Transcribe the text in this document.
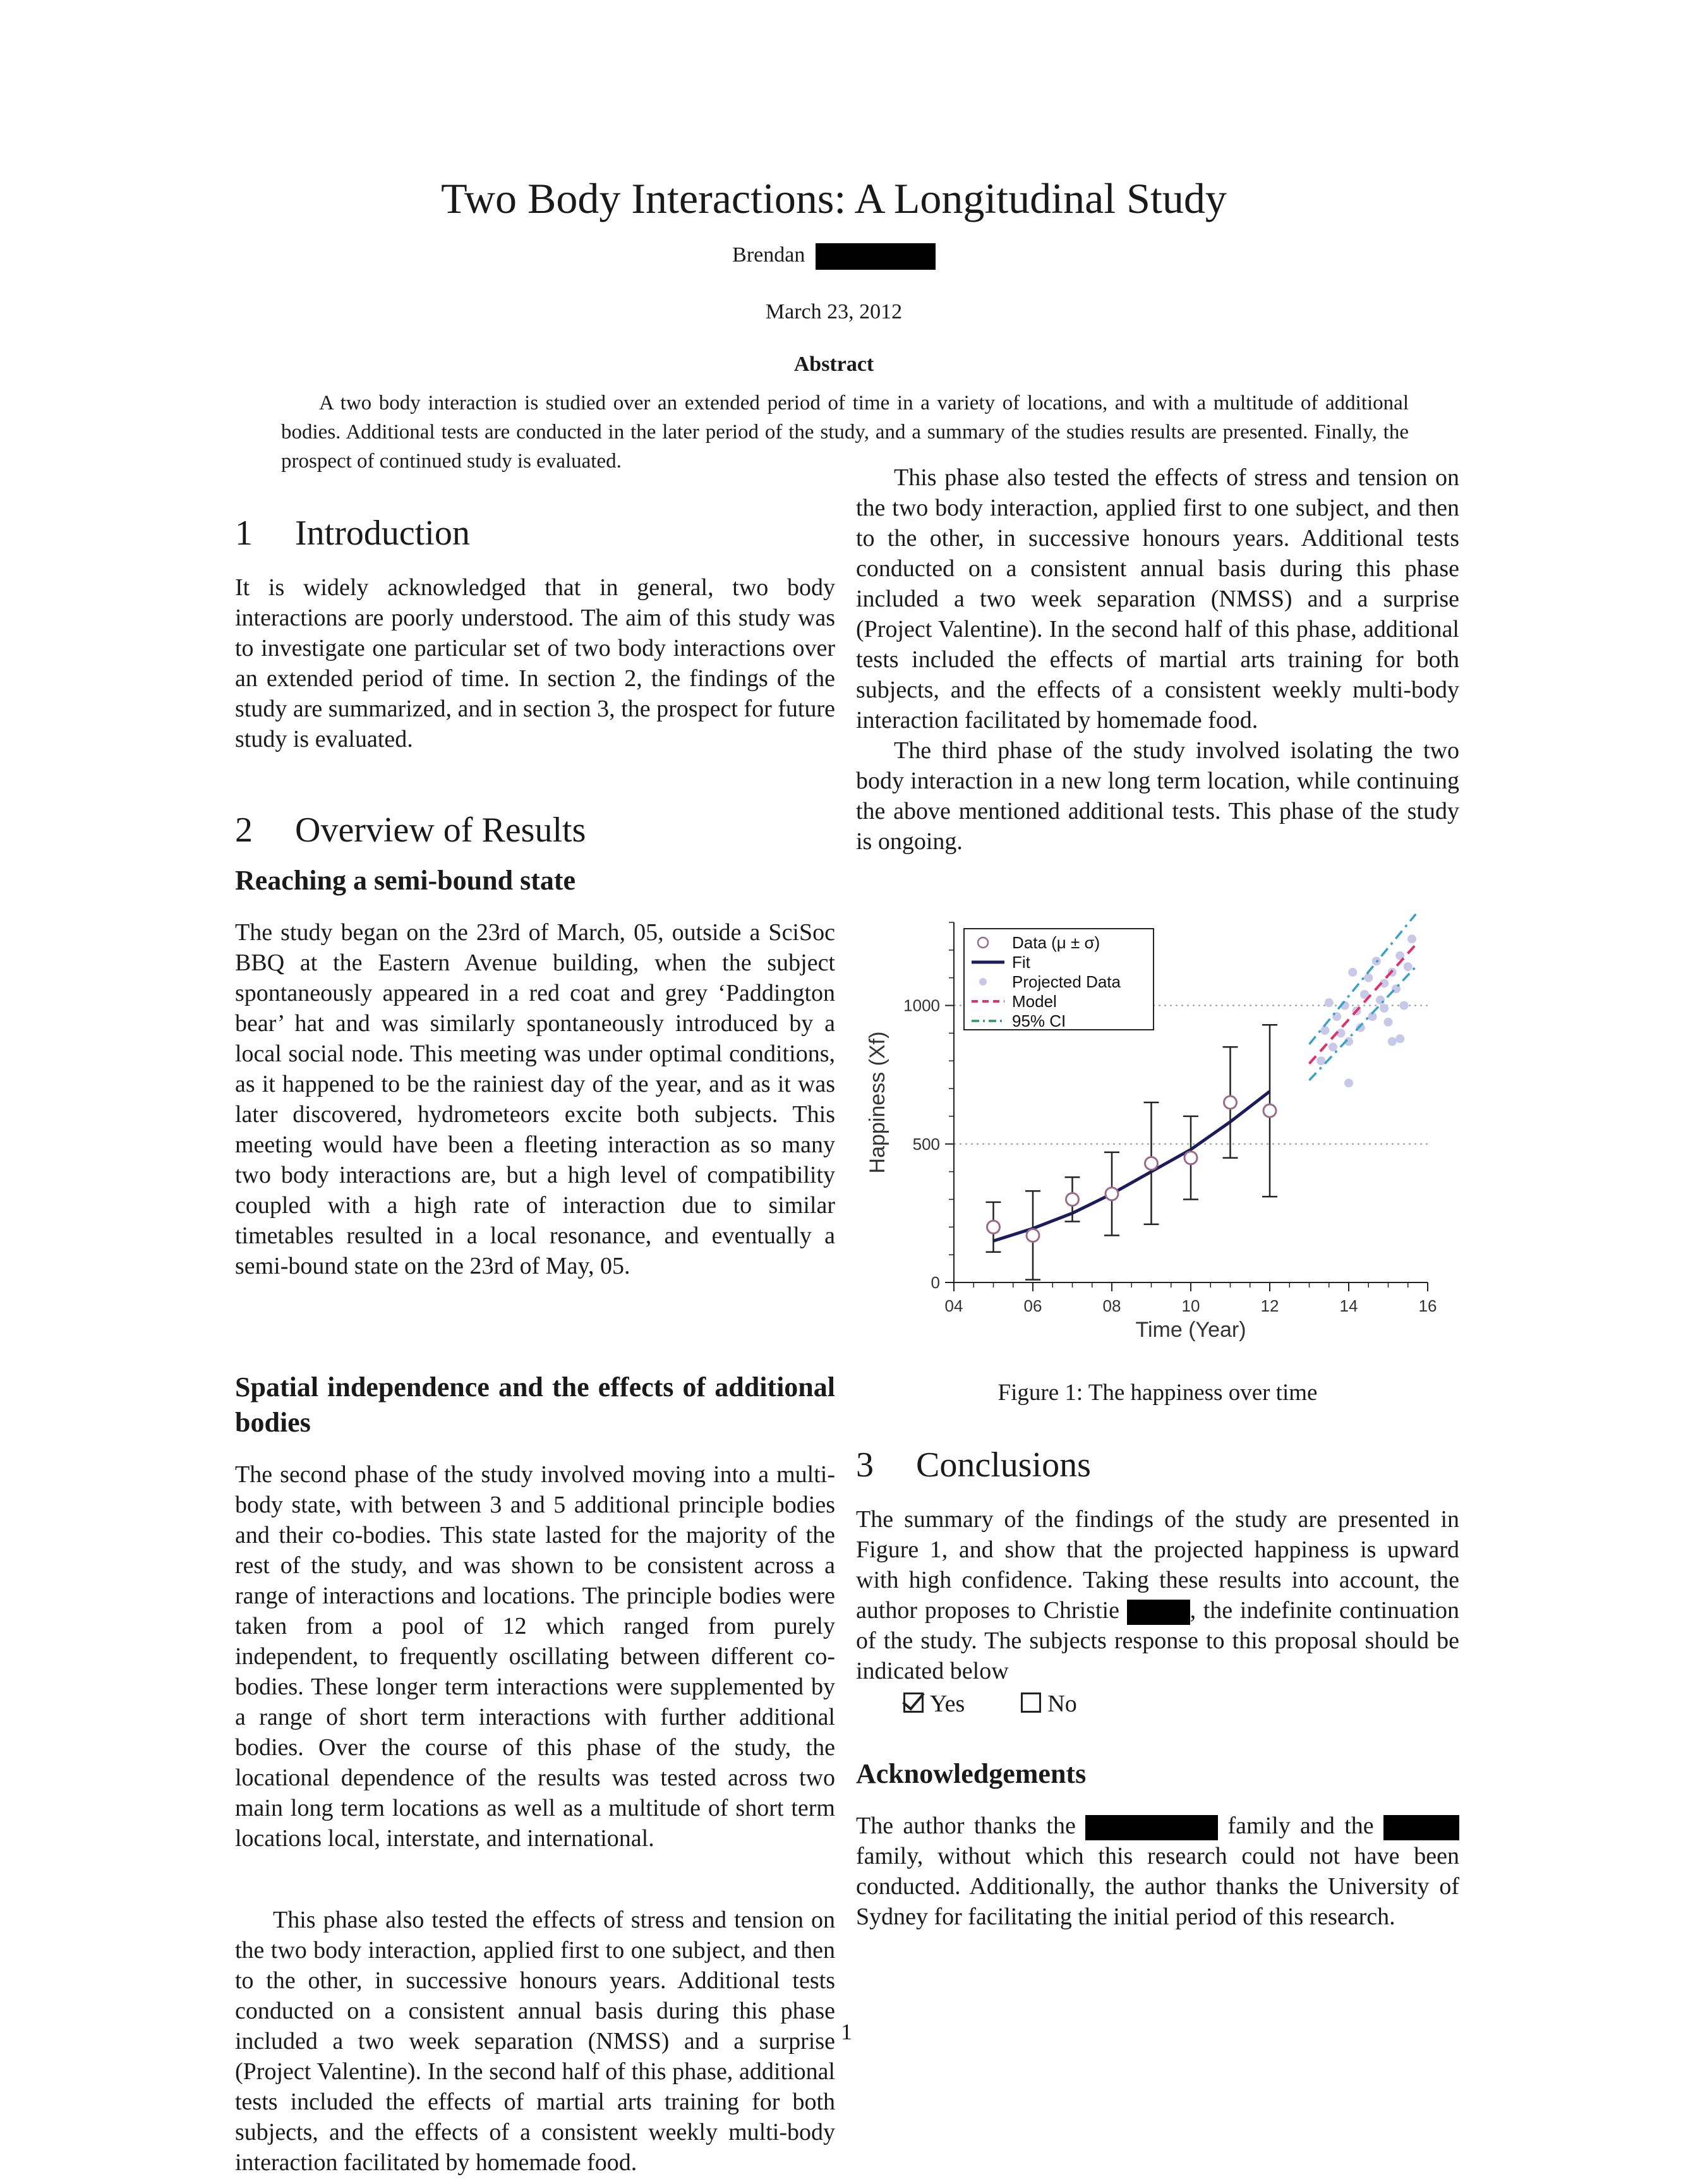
Two Body Interactions: A Longitudinal Study
Brendan
March 23, 2012
Abstract
A two body interaction is studied over an extended period of time in a variety of locations, and with a multitude of additional bodies. Additional tests are conducted in the later period of the study, and a summary of the studies results are presented. Finally, the prospect of continued study is evaluated.
1 Introduction

It is widely acknowledged that in general, two body interactions are poorly understood. The aim of this study was to investigate one particular set of two body interactions over an extended period of time. In section 2, the findings of the study are summarized, and in section 3, the prospect for future study is evaluated.

2 Overview of Results
Reaching a semi-bound state

The study began on the 23rd of March, 05, outside a SciSoc BBQ at the Eastern Avenue building, when the subject spontaneously appeared in a red coat and grey ‘Paddington bear’ hat and was similarly spontaneously introduced by a local social node. This meeting was under optimal conditions, as it happened to be the rainiest day of the year, and as it was later discovered, hydrometeors excite both subjects. This meeting would have been a fleeting interaction as so many two body interactions are, but a high level of compatibility coupled with a high rate of interaction due to similar timetables resulted in a local resonance, and eventually a semi-bound state on the 23rd of May, 05.

Spatial independence and the effects of additional bodies

The second phase of the study involved moving into a multi-body state, with between 3 and 5 additional principle bodies and their co-bodies. This state lasted for the majority of the rest of the study, and was shown to be consistent across a range of interactions and locations. The principle bodies were taken from a pool of 12 which ranged from purely independent, to frequently oscillating between different co-bodies. These longer term interactions were supplemented by a range of short term interactions with further additional bodies. Over the course of this phase of the study, the locational dependence of the results was tested across two main long term locations as well as a multitude of short term locations local, interstate, and international.

This phase also tested the effects of stress and tension on the two body interaction, applied first to one subject, and then to the other, in successive honours years. Additional tests conducted on a consistent annual basis during this phase included a two week separation (NMSS) and a surprise (Project Valentine). In the second half of this phase, additional tests included the effects of martial arts training for both subjects, and the effects of a consistent weekly multi-body interaction facilitated by homemade food.

This phase also tested the effects of stress and tension on the two body interaction, applied first to one subject, and then to the other, in successive honours years. Additional tests conducted on a consistent annual basis during this phase included a two week separation (NMSS) and a surprise (Project Valentine). In the second half of this phase, additional tests included the effects of martial arts training for both subjects, and the effects of a consistent weekly multi-body interaction facilitated by homemade food.

The third phase of the study involved isolating the two body interaction in a new long term location, while continuing the above mentioned additional tests. This phase of the study is ongoing.

04	06	08	10	12	14	16
0
500
1000
Time (Year)
Happiness (Xf)
Data (μ ± σ)
Fit
Projected Data
Model
95% CI
Figure 1: The happiness over time
3 Conclusions

The summary of the findings of the study are presented in Figure 1, and show that the projected happiness is upward with high confidence. Taking these results into account, the author proposes to Christie	, the indefinite continuation of the study. The subjects response to this proposal should be indicated below

Yes	No
Acknowledgements

The author thanks the	family and the  family, without which this research could not have been conducted. Additionally, the author thanks the University of Sydney for facilitating the initial period of this research.

1
